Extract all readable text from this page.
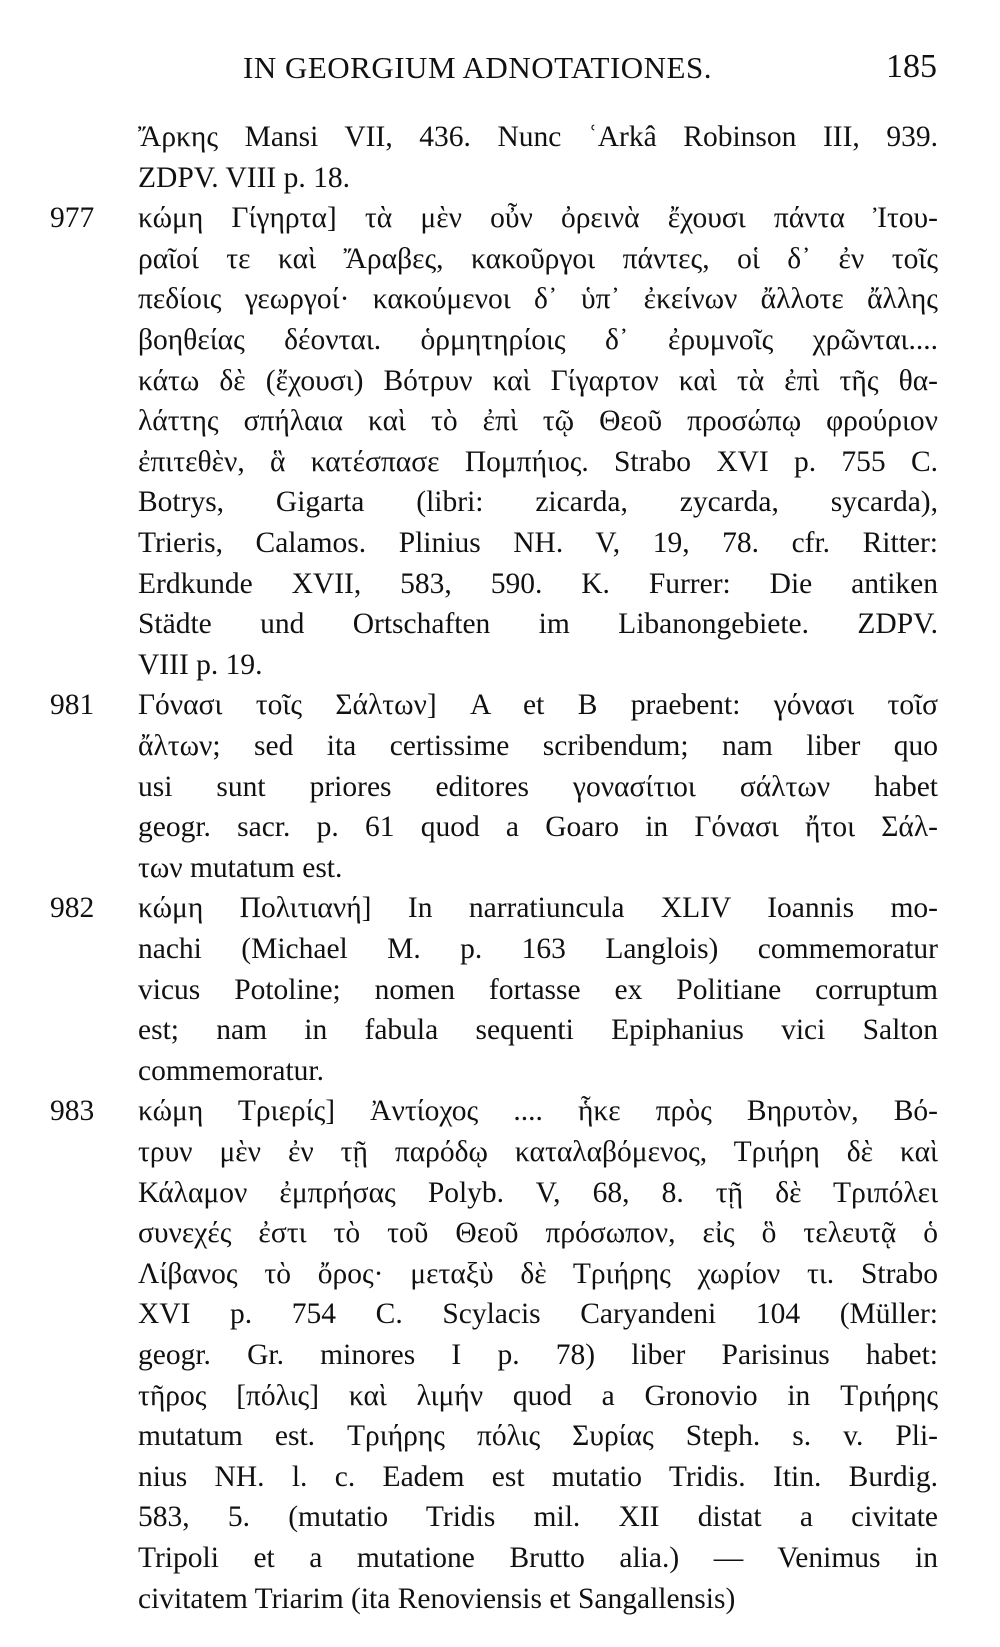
IN GEORGIUM ADNOTATIONES.	185
Ἄρκης Mansi VII, 436. Nunc ʿArkâ Robinson III, 939.
ZDPV. VIII p. 18.
977	κώμη Γίγηρτα] τὰ μὲν οὖν ὀρεινὰ ἔχουσι πάντα Ἰτου-
ραῖοί τε καὶ Ἄραβες, κακοῦργοι πάντες, οἱ δ᾽ ἐν τοῖς
πεδίοις γεωργοί· κακούμενοι δ᾽ ὑπ᾽ ἐκείνων ἄλλοτε ἄλλης
βοηθείας δέονται. ὁρμητηρίοις δ᾽ ἐρυμνοῖς χρῶνται....
κάτω δὲ (ἔχουσι) Βότρυν καὶ Γίγαρτον καὶ τὰ ἐπὶ τῆς θα-
λάττης σπήλαια καὶ τὸ ἐπὶ τῷ Θεοῦ προσώπῳ φρούριον
ἐπιτεθὲν, ἃ κατέσπασε Πομπήιος. Strabo XVI p. 755 C.
Botrys, Gigarta (libri: zicarda, zycarda, sycarda),
Trieris, Calamos. Plinius NH. V, 19, 78. cfr. Ritter:
Erdkunde XVII, 583, 590. K. Furrer: Die antiken
Städte und Ortschaften im Libanongebiete. ZDPV.
VIII p. 19.
981	Γόνασι τοῖς Σάλτων] A et B praebent: γόνασι τοῖσ
ἄλτων; sed ita certissime scribendum; nam liber quo
usi sunt priores editores γονασίτιοι σάλτων habet
geogr. sacr. p. 61 quod a Goaro in Γόνασι ἤτοι Σάλ-
των mutatum est.
982	κώμη Πολιτιανή] In narratiuncula XLIV Ioannis mo-
nachi (Michael M. p. 163 Langlois) commemoratur
vicus Potoline; nomen fortasse ex Politiane corruptum
est; nam in fabula sequenti Epiphanius vici Salton
commemoratur.
983	κώμη Τριερίς] Ἀντίοχος .... ἧκε πρὸς Βηρυτὸν, Βό-
τρυν μὲν ἐν τῇ παρόδῳ καταλαβόμενος, Τριήρη δὲ καὶ
Κάλαμον ἐμπρήσας Polyb. V, 68, 8. τῇ δὲ Τριπόλει
συνεχές ἐστι τὸ τοῦ Θεοῦ πρόσωπον, εἰς ὃ τελευτᾷ ὁ
Λίβανος τὸ ὄρος· μεταξὺ δὲ Τριήρης χωρίον τι. Strabo
XVI p. 754 C. Scylacis Caryandeni 104 (Müller:
geogr. Gr. minores I p. 78) liber Parisinus habet:
τῆρος [πόλις] καὶ λιμήν quod a Gronovio in Τριήρης
mutatum est. Τριήρης πόλις Συρίας Steph. s. v. Pli-
nius NH. l. c. Eadem est mutatio Tridis. Itin. Burdig.
583, 5. (mutatio Tridis mil. XII distat a civitate
Tripoli et a mutatione Brutto alia.) — Venimus in
civitatem Triarim (ita Renoviensis et Sangallensis)
